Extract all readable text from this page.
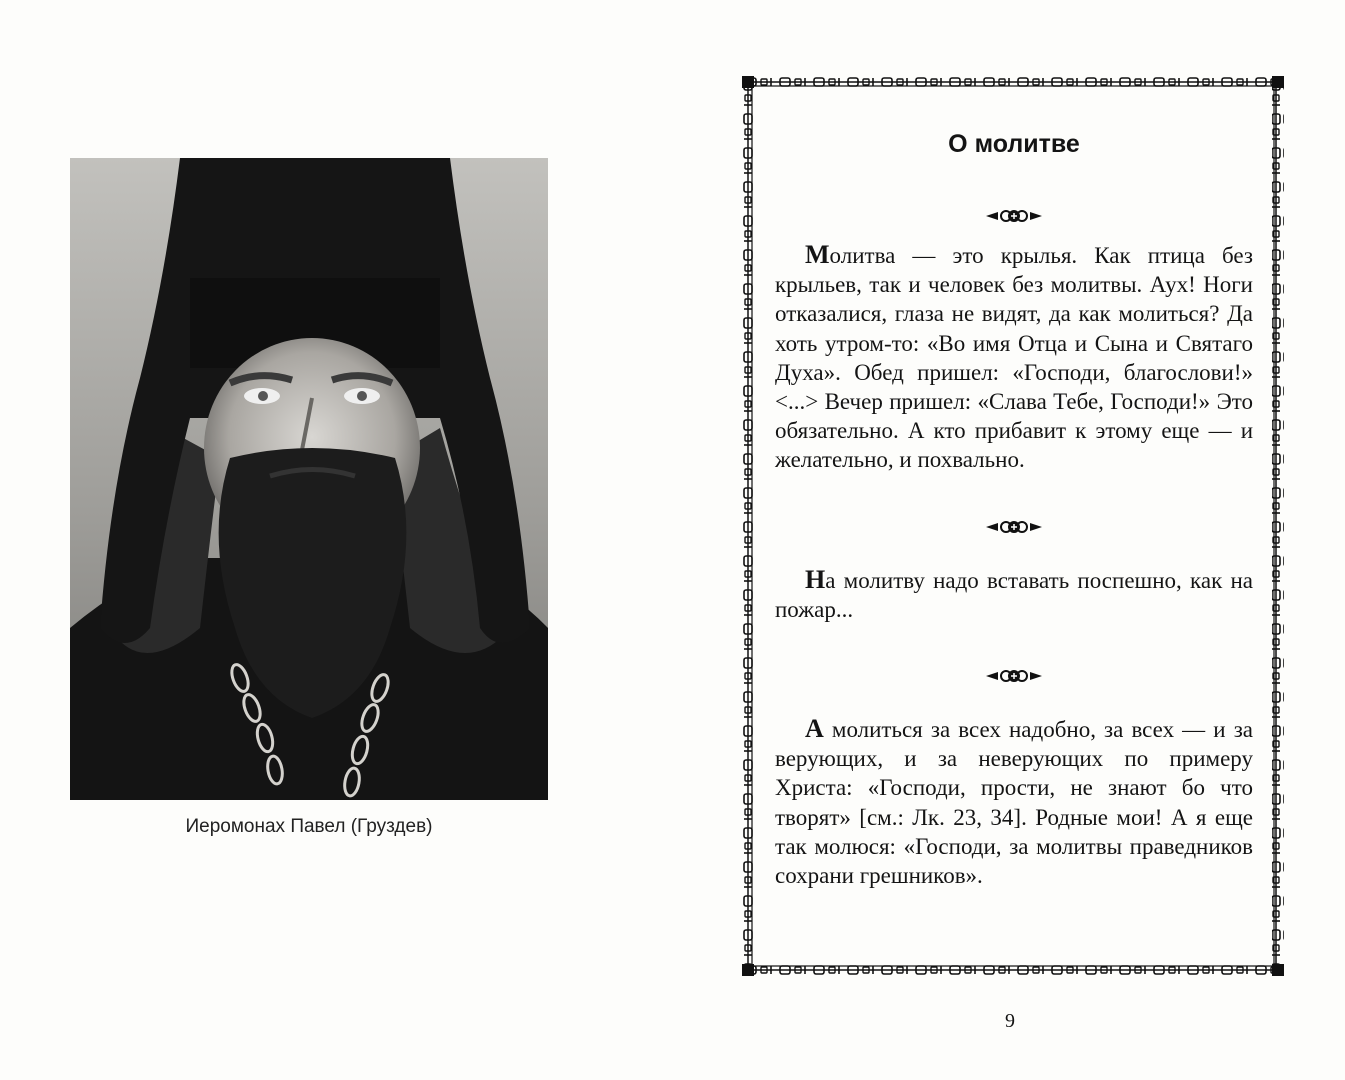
Иеромонах Павел (Груздев)
О молитве

Молитва — это крылья. Как птица без крыльев, так и человек без молитвы. Аух! Ноги отказалися, глаза не видят, да как молиться? Да хоть утром-то: «Во имя Отца и Сына и Святаго Духа». Обед пришел: «Господи, благослови!» <...> Вечер пришел: «Слава Тебе, Господи!» Это обязательно. А кто прибавит к этому еще — и желательно, и похвально.

На молитву надо вставать поспешно, как на пожар...

А молиться за всех надобно, за всех — и за верующих, и за неверующих по примеру Христа: «Господи, прости, не знают бо что творят» [см.: Лк. 23, 34]. Родные мои! А я еще так молюся: «Господи, за молитвы праведников сохрани грешников».

9
